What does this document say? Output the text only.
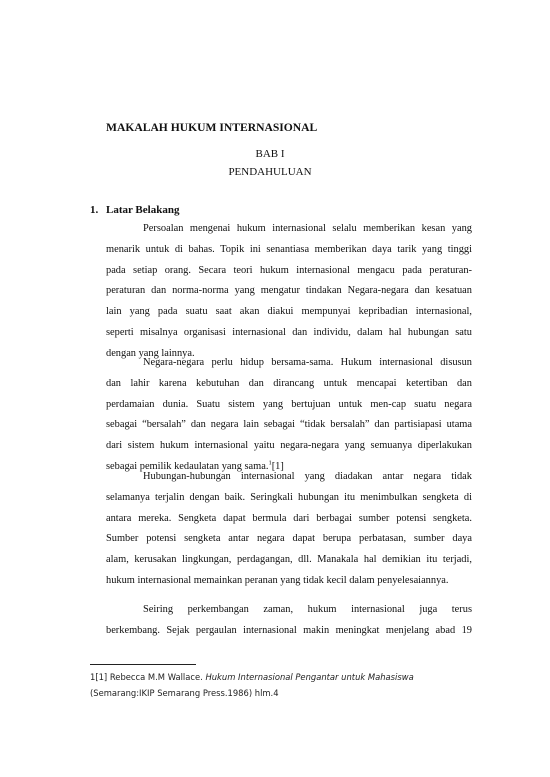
MAKALAH HUKUM INTERNASIONAL
BAB I
PENDAHULUAN
1. Latar Belakang
Persoalan mengenai hukum internasional selalu memberikan kesan yang
menarik untuk di bahas. Topik ini senantiasa memberikan daya tarik yang tinggi
pada setiap orang. Secara teori hukum internasional mengacu pada peraturan-
peraturan dan norma-norma yang mengatur tindakan Negara-negara dan kesatuan
lain yang pada suatu saat akan diakui mempunyai kepribadian internasional,
seperti misalnya organisasi internasional dan individu, dalam hal hubungan satu
dengan yang lainnya.
Negara-negara perlu hidup bersama-sama. Hukum internasional disusun
dan lahir karena kebutuhan dan dirancang untuk mencapai ketertiban dan
perdamaian dunia. Suatu sistem yang bertujuan untuk men-cap suatu negara
sebagai “bersalah” dan negara lain sebagai “tidak bersalah” dan partisiapasi utama
dari sistem hukum internasional yaitu negara-negara yang semuanya diperlakukan
sebagai pemilik kedaulatan yang sama.$^1$[1]
Hubungan-hubungan internasional yang diadakan antar negara tidak
selamanya terjalin dengan baik. Seringkali hubungan itu menimbulkan sengketa di
antara mereka. Sengketa dapat bermula dari berbagai sumber potensi sengketa.
Sumber potensi sengketa antar negara dapat berupa perbatasan, sumber daya
alam, kerusakan lingkungan, perdagangan, dll. Manakala hal demikian itu terjadi,
hukum internasional memainkan peranan yang tidak kecil dalam penyelesaiannya.
Seiring perkembangan zaman, hukum internasional juga terus
berkembang. Sejak pergaulan internasional makin meningkat menjelang abad 19
1[1] Rebecca M.M Wallace. Hukum Internasional Pengantar untuk Mahasiswa
(Semarang:IKIP Semarang Press.1986) hlm.4
